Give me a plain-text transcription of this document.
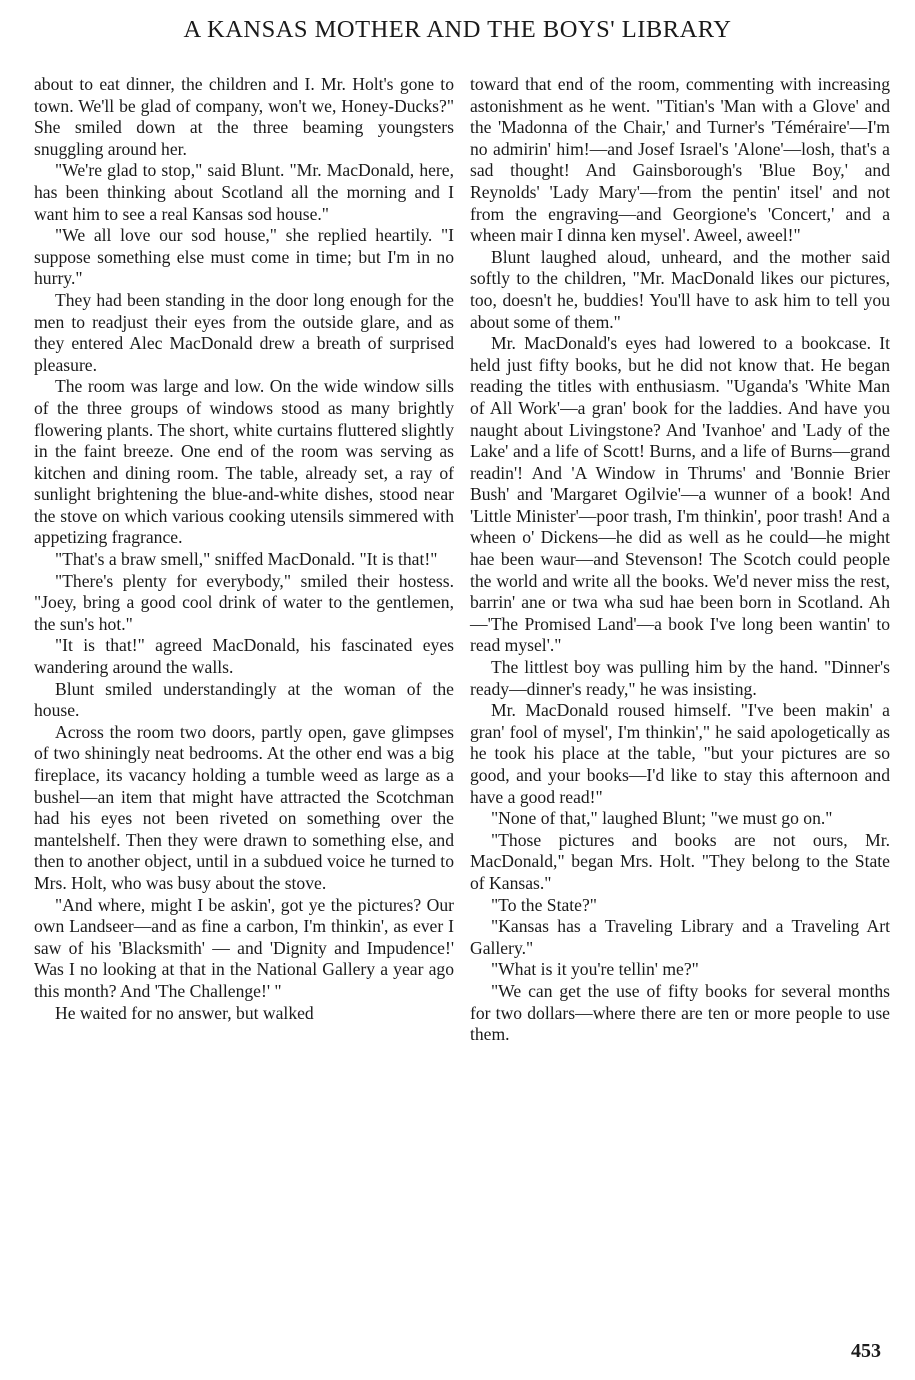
A KANSAS MOTHER AND THE BOYS' LIBRARY

about to eat dinner, the children and I. Mr. Holt's gone to town. We'll be glad of company, won't we, Honey-Ducks?" She smiled down at the three beaming youngsters snuggling around her.

"We're glad to stop," said Blunt. "Mr. MacDonald, here, has been thinking about Scotland all the morning and I want him to see a real Kansas sod house."

"We all love our sod house," she replied heartily. "I suppose something else must come in time; but I'm in no hurry."

They had been standing in the door long enough for the men to readjust their eyes from the outside glare, and as they entered Alec MacDonald drew a breath of surprised pleasure.

The room was large and low. On the wide window sills of the three groups of windows stood as many brightly flowering plants. The short, white curtains fluttered slightly in the faint breeze. One end of the room was serving as kitchen and dining room. The table, already set, a ray of sunlight brightening the blue-and-white dishes, stood near the stove on which various cooking utensils simmered with appetizing fragrance.

"That's a braw smell," sniffed MacDonald. "It is that!"

"There's plenty for everybody," smiled their hostess. "Joey, bring a good cool drink of water to the gentlemen, the sun's hot."

"It is that!" agreed MacDonald, his fascinated eyes wandering around the walls.

Blunt smiled understandingly at the woman of the house.

Across the room two doors, partly open, gave glimpses of two shiningly neat bedrooms. At the other end was a big fireplace, its vacancy holding a tumble weed as large as a bushel—an item that might have attracted the Scotchman had his eyes not been riveted on something over the mantelshelf. Then they were drawn to something else, and then to another object, until in a subdued voice he turned to Mrs. Holt, who was busy about the stove.

"And where, might I be askin', got ye the pictures? Our own Landseer—and as fine a carbon, I'm thinkin', as ever I saw of his 'Blacksmith' — and 'Dignity and Impudence!' Was I no looking at that in the National Gallery a year ago this month? And 'The Challenge!' "

He waited for no answer, but walked

toward that end of the room, commenting with increasing astonishment as he went. "Titian's 'Man with a Glove' and the 'Madonna of the Chair,' and Turner's 'Téméraire'—I'm no admirin' him!—and Josef Israel's 'Alone'—losh, that's a sad thought! And Gainsborough's 'Blue Boy,' and Reynolds' 'Lady Mary'—from the pentin' itsel' and not from the engraving—and Georgione's 'Concert,' and a wheen mair I dinna ken mysel'. Aweel, aweel!"

Blunt laughed aloud, unheard, and the mother said softly to the children, "Mr. MacDonald likes our pictures, too, doesn't he, buddies! You'll have to ask him to tell you about some of them."

Mr. MacDonald's eyes had lowered to a bookcase. It held just fifty books, but he did not know that. He began reading the titles with enthusiasm. "Uganda's 'White Man of All Work'—a gran' book for the laddies. And have you naught about Livingstone? And 'Ivanhoe' and 'Lady of the Lake' and a life of Scott! Burns, and a life of Burns—grand readin'! And 'A Window in Thrums' and 'Bonnie Brier Bush' and 'Margaret Ogilvie'—a wunner of a book! And 'Little Minister'—poor trash, I'm thinkin', poor trash! And a wheen o' Dickens—he did as well as he could—he might hae been waur—and Stevenson! The Scotch could people the world and write all the books. We'd never miss the rest, barrin' ane or twa wha sud hae been born in Scotland. Ah—'The Promised Land'—a book I've long been wantin' to read mysel'."

The littlest boy was pulling him by the hand. "Dinner's ready—dinner's ready," he was insisting.

Mr. MacDonald roused himself. "I've been makin' a gran' fool of mysel', I'm thinkin'," he said apologetically as he took his place at the table, "but your pictures are so good, and your books—I'd like to stay this afternoon and have a good read!"

"None of that," laughed Blunt; "we must go on."

"Those pictures and books are not ours, Mr. MacDonald," began Mrs. Holt. "They belong to the State of Kansas."

"To the State?"

"Kansas has a Traveling Library and a Traveling Art Gallery."

"What is it you're tellin' me?"

"We can get the use of fifty books for several months for two dollars—where there are ten or more people to use them.

453
